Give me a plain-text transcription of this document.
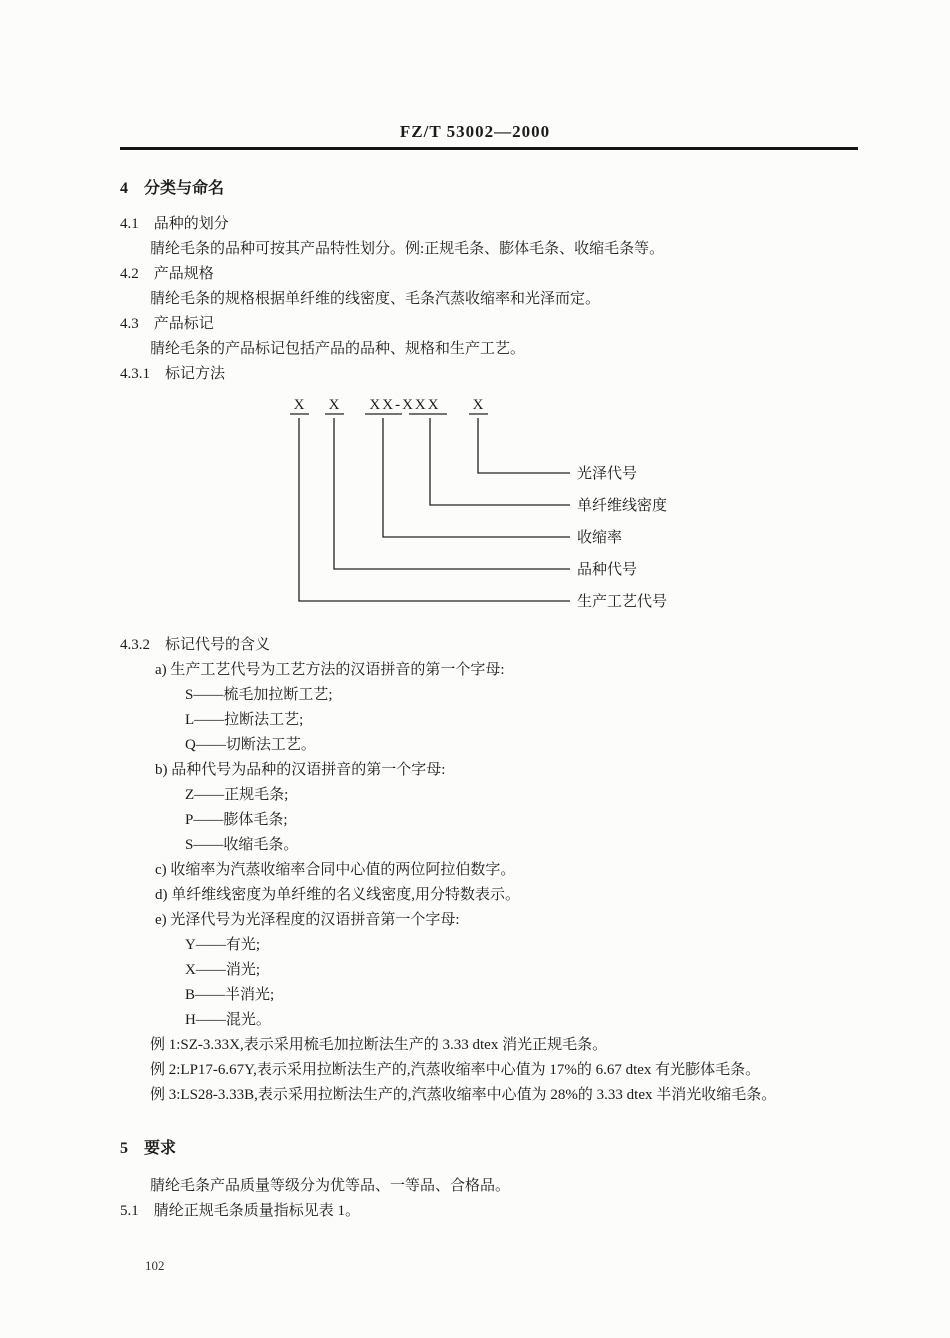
FZ/T 53002—2000
4　分类与命名
4.1　品种的划分
腈纶毛条的品种可按其产品特性划分。例:正规毛条、膨体毛条、收缩毛条等。
4.2　产品规格
腈纶毛条的规格根据单纤维的线密度、毛条汽蒸收缩率和光泽而定。
4.3　产品标记
腈纶毛条的产品标记包括产品的品种、规格和生产工艺。
4.3.1　标记方法
X X XX-XXX X
光泽代号
单纤维线密度
收缩率
品种代号
生产工艺代号
4.3.2　标记代号的含义
a) 生产工艺代号为工艺方法的汉语拼音的第一个字母:
S——梳毛加拉断工艺;
L——拉断法工艺;
Q——切断法工艺。
b) 品种代号为品种的汉语拼音的第一个字母:
Z——正规毛条;
P——膨体毛条;
S——收缩毛条。
c) 收缩率为汽蒸收缩率合同中心值的两位阿拉伯数字。
d) 单纤维线密度为单纤维的名义线密度,用分特数表示。
e) 光泽代号为光泽程度的汉语拼音第一个字母:
Y——有光;
X——消光;
B——半消光;
H——混光。
例 1:SZ-3.33X,表示采用梳毛加拉断法生产的 3.33 dtex 消光正规毛条。
例 2:LP17-6.67Y,表示采用拉断法生产的,汽蒸收缩率中心值为 17%的 6.67 dtex 有光膨体毛条。
例 3:LS28-3.33B,表示采用拉断法生产的,汽蒸收缩率中心值为 28%的 3.33 dtex 半消光收缩毛条。
5　要求
腈纶毛条产品质量等级分为优等品、一等品、合格品。
5.1　腈纶正规毛条质量指标见表 1。
102
